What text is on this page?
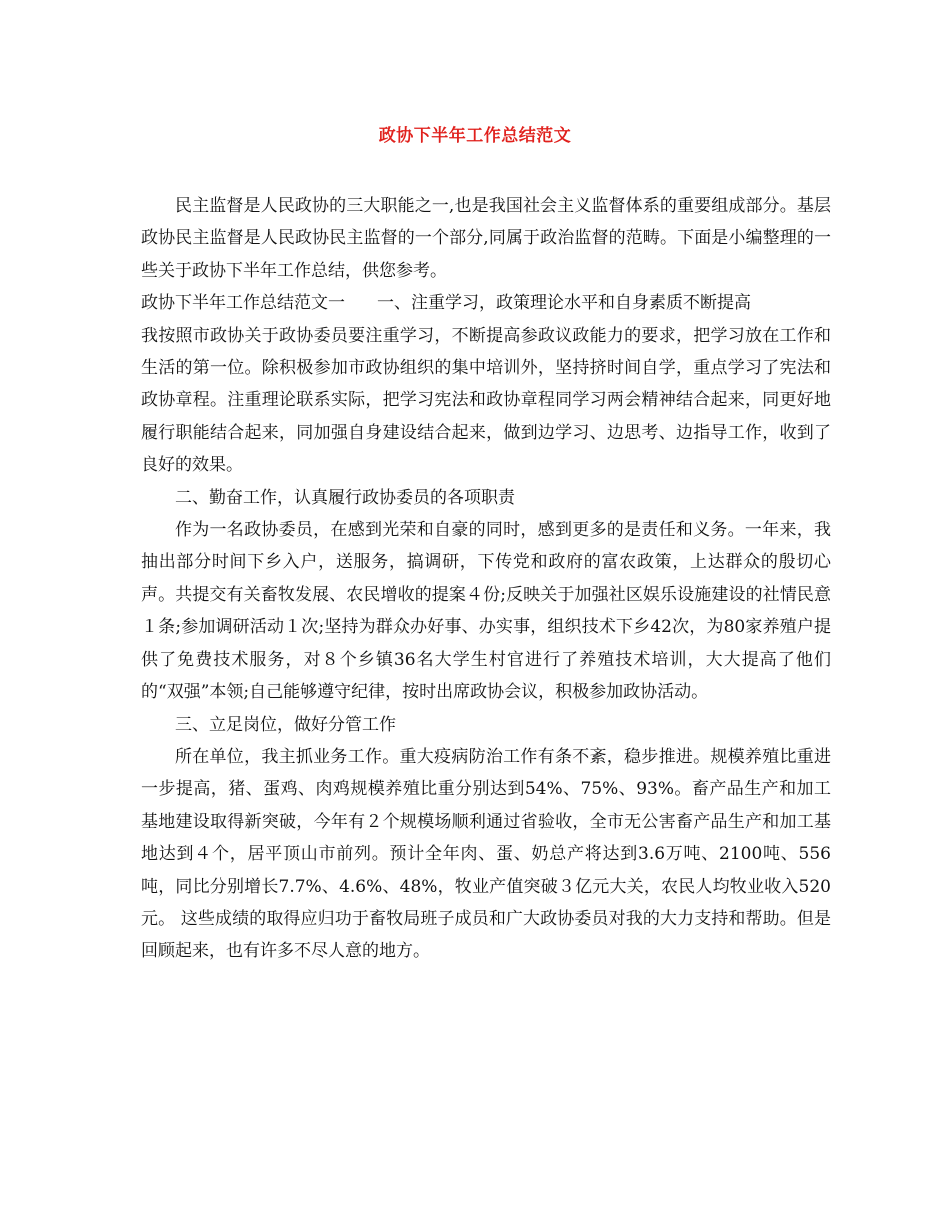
政协下半年工作总结范文

民主监督是人民政协的三大职能之一,也是我国社会主义监督体系的重要组成部分。基层政协民主监督是人民政协民主监督的一个部分,同属于政治监督的范畴。下面是小编整理的一些关于政协下半年工作总结，供您参考。

政协下半年工作总结范文一 一、注重学习，政策理论水平和自身素质不断提高

我按照市政协关于政协委员要注重学习，不断提高参政议政能力的要求，把学习放在工作和生活的第一位。除积极参加市政协组织的集中培训外，坚持挤时间自学，重点学习了宪法和政协章程。注重理论联系实际，把学习宪法和政协章程同学习两会精神结合起来，同更好地履行职能结合起来，同加强自身建设结合起来，做到边学习、边思考、边指导工作，收到了良好的效果。

二、勤奋工作，认真履行政协委员的各项职责

作为一名政协委员，在感到光荣和自豪的同时，感到更多的是责任和义务。一年来，我抽出部分时间下乡入户，送服务，搞调研，下传党和政府的富农政策，上达群众的殷切心声。共提交有关畜牧发展、农民增收的提案４份;反映关于加强社区娱乐设施建设的社情民意１条;参加调研活动１次;坚持为群众办好事、办实事，组织技术下乡42次，为80家养殖户提供了免费技术服务，对８个乡镇36名大学生村官进行了养殖技术培训，大大提高了他们的“双强”本领;自己能够遵守纪律，按时出席政协会议，积极参加政协活动。

三、立足岗位，做好分管工作

所在单位，我主抓业务工作。重大疫病防治工作有条不紊，稳步推进。规模养殖比重进一步提高，猪、蛋鸡、肉鸡规模养殖比重分别达到54%、75%、93%。畜产品生产和加工基地建设取得新突破，今年有２个规模场顺利通过省验收，全市无公害畜产品生产和加工基地达到４个，居平顶山市前列。预计全年肉、蛋、奶总产将达到3.6万吨、2100吨、556吨，同比分别增长7.7%、4.6%、48%，牧业产值突破３亿元大关，农民人均牧业收入520元。 这些成绩的取得应归功于畜牧局班子成员和广大政协委员对我的大力支持和帮助。但是回顾起来，也有许多不尽人意的地方。
